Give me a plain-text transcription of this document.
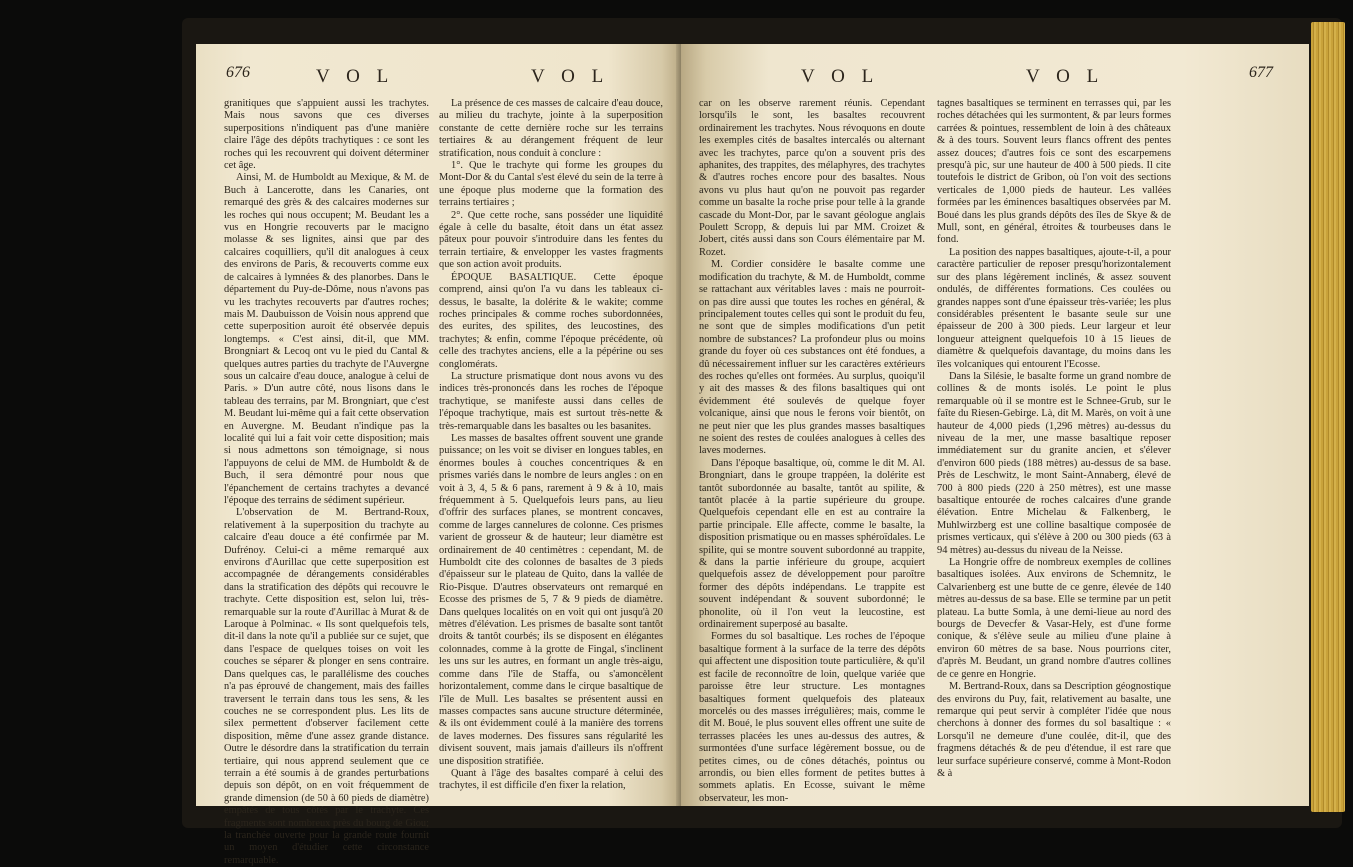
676	V O L	V O L

granitiques que s'appuient aussi les trachytes. Mais nous savons que ces diverses superpositions n'indiquent pas d'une manière claire l'âge des dépôts trachytiques : ce sont les roches qui les recouvrent qui doivent déterminer cet âge.

Ainsi, M. de Humboldt au Mexique, & M. de Buch à Lancerotte, dans les Canaries, ont remarqué des grès & des calcaires modernes sur les roches qui nous occupent; M. Beudant les a vus en Hongrie recouverts par le macigno molasse & ses lignites, ainsi que par des calcaires coquilliers, qu'il dit analogues à ceux des environs de Paris, & recouverts comme eux de calcaires à lymnées & des planorbes. Dans le département du Puy-de-Dôme, nous n'avons pas vu les trachytes recouverts par d'autres roches; mais M. Daubuisson de Voisin nous apprend que cette superposition auroit été observée depuis longtemps. « C'est ainsi, dit-il, que MM. Brongniart & Lecoq ont vu le pied du Cantal & quelques autres parties du trachyte de l'Auvergne sous un calcaire d'eau douce, analogue à celui de Paris. » D'un autre côté, nous lisons dans le tableau des terrains, par M. Brongniart, que c'est M. Beudant lui-même qui a fait cette observation en Auvergne. M. Beudant n'indique pas la localité qui lui a fait voir cette disposition; mais si nous admettons son témoignage, si nous l'appuyons de celui de MM. de Humboldt & de Buch, il sera démontré pour nous que l'épanchement de certains trachytes a devancé l'époque des terrains de sédiment supérieur.

L'observation de M. Bertrand-Roux, relativement à la superposition du trachyte au calcaire d'eau douce a été confirmée par M. Dufrénoy. Celui-ci a même remarqué aux environs d'Aurillac que cette superposition est accompagnée de dérangements considérables dans la stratification des dépôts qui recouvre le trachyte. Cette disposition est, selon lui, très-remarquable sur la route d'Aurillac à Murat & de Laroque à Polminac. « Ils sont quelquefois tels, dit-il dans la note qu'il a publiée sur ce sujet, que dans l'espace de quelques toises on voit les couches se séparer & plonger en sens contraire. Dans quelques cas, le parallélisme des couches n'a pas éprouvé de changement, mais des failles traversent le terrain dans tous les sens, & les couches ne se correspondent plus. Les lits de silex permettent d'observer facilement cette disposition, même d'une assez grande distance. Outre le désordre dans la stratification du terrain tertiaire, qui nous apprend seulement que ce terrain a été soumis à de grandes perturbations depuis son dépôt, on en voit fréquemment de grande dimension (de 50 à 60 pieds de diamètre) empâtés de tous côtés par le trachyte. Ces fragments sont nombreux près du bourg de Giou; la tranchée ouverte pour la grande route fournit un moyen d'étudier cette circonstance remarquable.

La présence de ces masses de calcaire d'eau douce, au milieu du trachyte, jointe à la superposition constante de cette dernière roche sur les terrains tertiaires & au dérangement fréquent de leur stratification, nous conduit à conclure :

1°. Que le trachyte qui forme les groupes du Mont-Dor & du Cantal s'est élevé du sein de la terre à une époque plus moderne que la formation des terrains tertiaires ;

2°. Que cette roche, sans posséder une liquidité égale à celle du basalte, étoit dans un état assez pâteux pour pouvoir s'introduire dans les fentes du terrain tertiaire, & envelopper les vastes fragments que son action avoit produits.

ÉPOQUE BASALTIQUE. Cette époque comprend, ainsi qu'on l'a vu dans les tableaux ci-dessus, le basalte, la dolérite & le wakite; comme roches principales & comme roches subordonnées, des eurites, des spilites, des leucostines, des trachytes; & enfin, comme l'époque précédente, où celle des trachytes anciens, elle a la pépérine ou ses conglomérats.

La structure prismatique dont nous avons vu des indices très-prononcés dans les roches de l'époque trachytique, se manifeste aussi dans celles de l'époque trachytique, mais est surtout très-nette & très-remarquable dans les basaltes ou les basanites.

Les masses de basaltes offrent souvent une grande puissance; on les voit se diviser en longues tables, en énormes boules à couches concentriques & en prismes variés dans le nombre de leurs angles : on en voit à 3, 4, 5 & 6 pans, rarement à 9 & à 10, mais fréquemment à 5. Quelquefois leurs pans, au lieu d'offrir des surfaces planes, se montrent concaves, comme de larges cannelures de colonne. Ces prismes varient de grosseur & de hauteur; leur diamètre est ordinairement de 40 centimètres : cependant, M. de Humboldt cite des colonnes de basaltes de 3 pieds d'épaisseur sur le plateau de Quito, dans la vallée de Rio-Pisque. D'autres observateurs ont remarqué en Ecosse des prismes de 5, 7 & 9 pieds de diamètre. Dans quelques localités on en voit qui ont jusqu'à 20 mètres d'élévation. Les prismes de basalte sont tantôt droits & tantôt courbés; ils se disposent en élégantes colonnades, comme à la grotte de Fingal, s'inclinent les uns sur les autres, en formant un angle très-aigu, comme dans l'île de Staffa, ou s'amoncèlent horizontalement, comme dans le cirque basaltique de l'île de Mull. Les basaltes se présentent aussi en masses compactes sans aucune structure déterminée, & ils ont évidemment coulé à la manière des torrens de laves modernes. Des fissures sans régularité les divisent souvent, mais jamais d'ailleurs ils n'offrent une disposition stratifiée.

Quant à l'âge des basaltes comparé à celui des trachytes, il est difficile d'en fixer la relation,

V O L	V O L	677

car on les observe rarement réunis. Cependant lorsqu'ils le sont, les basaltes recouvrent ordinairement les trachytes. Nous révoquons en doute les exemples cités de basaltes intercalés ou alternant avec les trachytes, parce qu'on a souvent pris des aphanites, des trappites, des mélaphyres, des trachytes & d'autres roches encore pour des basaltes. Nous avons vu plus haut qu'on ne pouvoit pas regarder comme un basalte la roche prise pour telle à la grande cascade du Mont-Dor, par le savant géologue anglais Poulett Scropp, & depuis lui par MM. Croizet & Jobert, cités aussi dans son Cours élémentaire par M. Rozet.

M. Cordier considère le basalte comme une modification du trachyte, & M. de Humboldt, comme se rattachant aux véritables laves : mais ne pourroit-on pas dire aussi que toutes les roches en général, & principalement toutes celles qui sont le produit du feu, ne sont que de simples modifications d'un petit nombre de substances? La profondeur plus ou moins grande du foyer où ces substances ont été fondues, a dû nécessairement influer sur les caractères extérieurs des roches qu'elles ont formées. Au surplus, quoiqu'il y ait des masses & des filons basaltiques qui ont évidemment été soulevés de quelque foyer volcanique, ainsi que nous le ferons voir bientôt, on ne peut nier que les plus grandes masses basaltiques ne soient des restes de coulées analogues à celles des laves modernes.

Dans l'époque basaltique, où, comme le dit M. Al. Brongniart, dans le groupe trappéen, la dolérite est tantôt subordonnée au basalte, tantôt au spilite, & tantôt placée à la partie supérieure du groupe. Quelquefois cependant elle en est au contraire la partie principale. Elle affecte, comme le basalte, la disposition prismatique ou en masses sphéroïdales. Le spilite, qui se montre souvent subordonné au trappite, & dans la partie inférieure du groupe, acquiert quelquefois assez de développement pour paroître former des dépôts indépendans. Le trappite est souvent indépendant & souvent subordonné; le phonolite, où il l'on veut la leucostine, est ordinairement superposé au basalte.

Formes du sol basaltique. Les roches de l'époque basaltique forment à la surface de la terre des dépôts qui affectent une disposition toute particulière, & qu'il est facile de reconnoître de loin, quelque variée que paroisse être leur structure. Les montagnes basaltiques forment quelquefois des plateaux morcelés ou des masses irrégulières; mais, comme le dit M. Boué, le plus souvent elles offrent une suite de terrasses placées les unes au-dessus des autres, & surmontées d'une surface légèrement bossue, ou de petites cimes, ou de cônes détachés, pointus ou arrondis, ou bien elles forment de petites buttes à sommets aplatis. En Ecosse, suivant le même observateur, les mon-

tagnes basaltiques se terminent en terrasses qui, par les roches détachées qui les surmontent, & par leurs formes carrées & pointues, ressemblent de loin à des châteaux & à des tours. Souvent leurs flancs offrent des pentes assez douces; d'autres fois ce sont des escarpemens presqu'à pic, sur une hauteur de 400 à 500 pieds. Il cite toutefois le district de Gribon, où l'on voit des sections verticales de 1,000 pieds de hauteur. Les vallées formées par les éminences basaltiques observées par M. Boué dans les plus grands dépôts des îles de Skye & de Mull, sont, en général, étroites & tourbeuses dans le fond.

La position des nappes basaltiques, ajoute-t-il, a pour caractère particulier de reposer presqu'horizontalement sur des plans légèrement inclinés, & assez souvent ondulés, de différentes formations. Ces coulées ou grandes nappes sont d'une épaisseur très-variée; les plus considérables présentent le basante seule sur une épaisseur de 200 à 300 pieds. Leur largeur et leur longueur atteignent quelquefois 10 à 15 lieues de diamètre & quelquefois davantage, du moins dans les îles volcaniques qui entourent l'Ecosse.

Dans la Silésie, le basalte forme un grand nombre de collines & de monts isolés. Le point le plus remarquable où il se montre est le Schnee-Grub, sur le faîte du Riesen-Gebirge. Là, dit M. Marès, on voit à une hauteur de 4,000 pieds (1,296 mètres) au-dessus du niveau de la mer, une masse basaltique reposer immédiatement sur du granite ancien, et s'élever d'environ 600 pieds (188 mètres) au-dessus de sa base. Près de Leschwitz, le mont Saint-Annaberg, élevé de 700 à 800 pieds (220 à 250 mètres), est une masse basaltique entourée de roches calcaires d'une grande élévation. Entre Michelau & Falkenberg, le Muhlwirzberg est une colline basaltique composée de prismes verticaux, qui s'élève à 200 ou 300 pieds (63 à 94 mètres) au-dessus du niveau de la Neisse.

La Hongrie offre de nombreux exemples de collines basaltiques isolées. Aux environs de Schemnitz, le Calvarienberg est une butte de ce genre, élevée de 140 mètres au-dessus de sa base. Elle se termine par un petit plateau. La butte Somla, à une demi-lieue au nord des bourgs de Devecfer & Vasar-Hely, est d'une forme conique, & s'élève seule au milieu d'une plaine à environ 60 mètres de sa base. Nous pourrions citer, d'après M. Beudant, un grand nombre d'autres collines de ce genre en Hongrie.

M. Bertrand-Roux, dans sa Description géognostique des environs du Puy, fait, relativement au basalte, une remarque qui peut servir à compléter l'idée que nous cherchons à donner des formes du sol basaltique : « Lorsqu'il ne demeure d'une coulée, dit-il, que des fragmens détachés & de peu d'étendue, il est rare que leur surface supérieure conservé, comme à Mont-Rodon & à
